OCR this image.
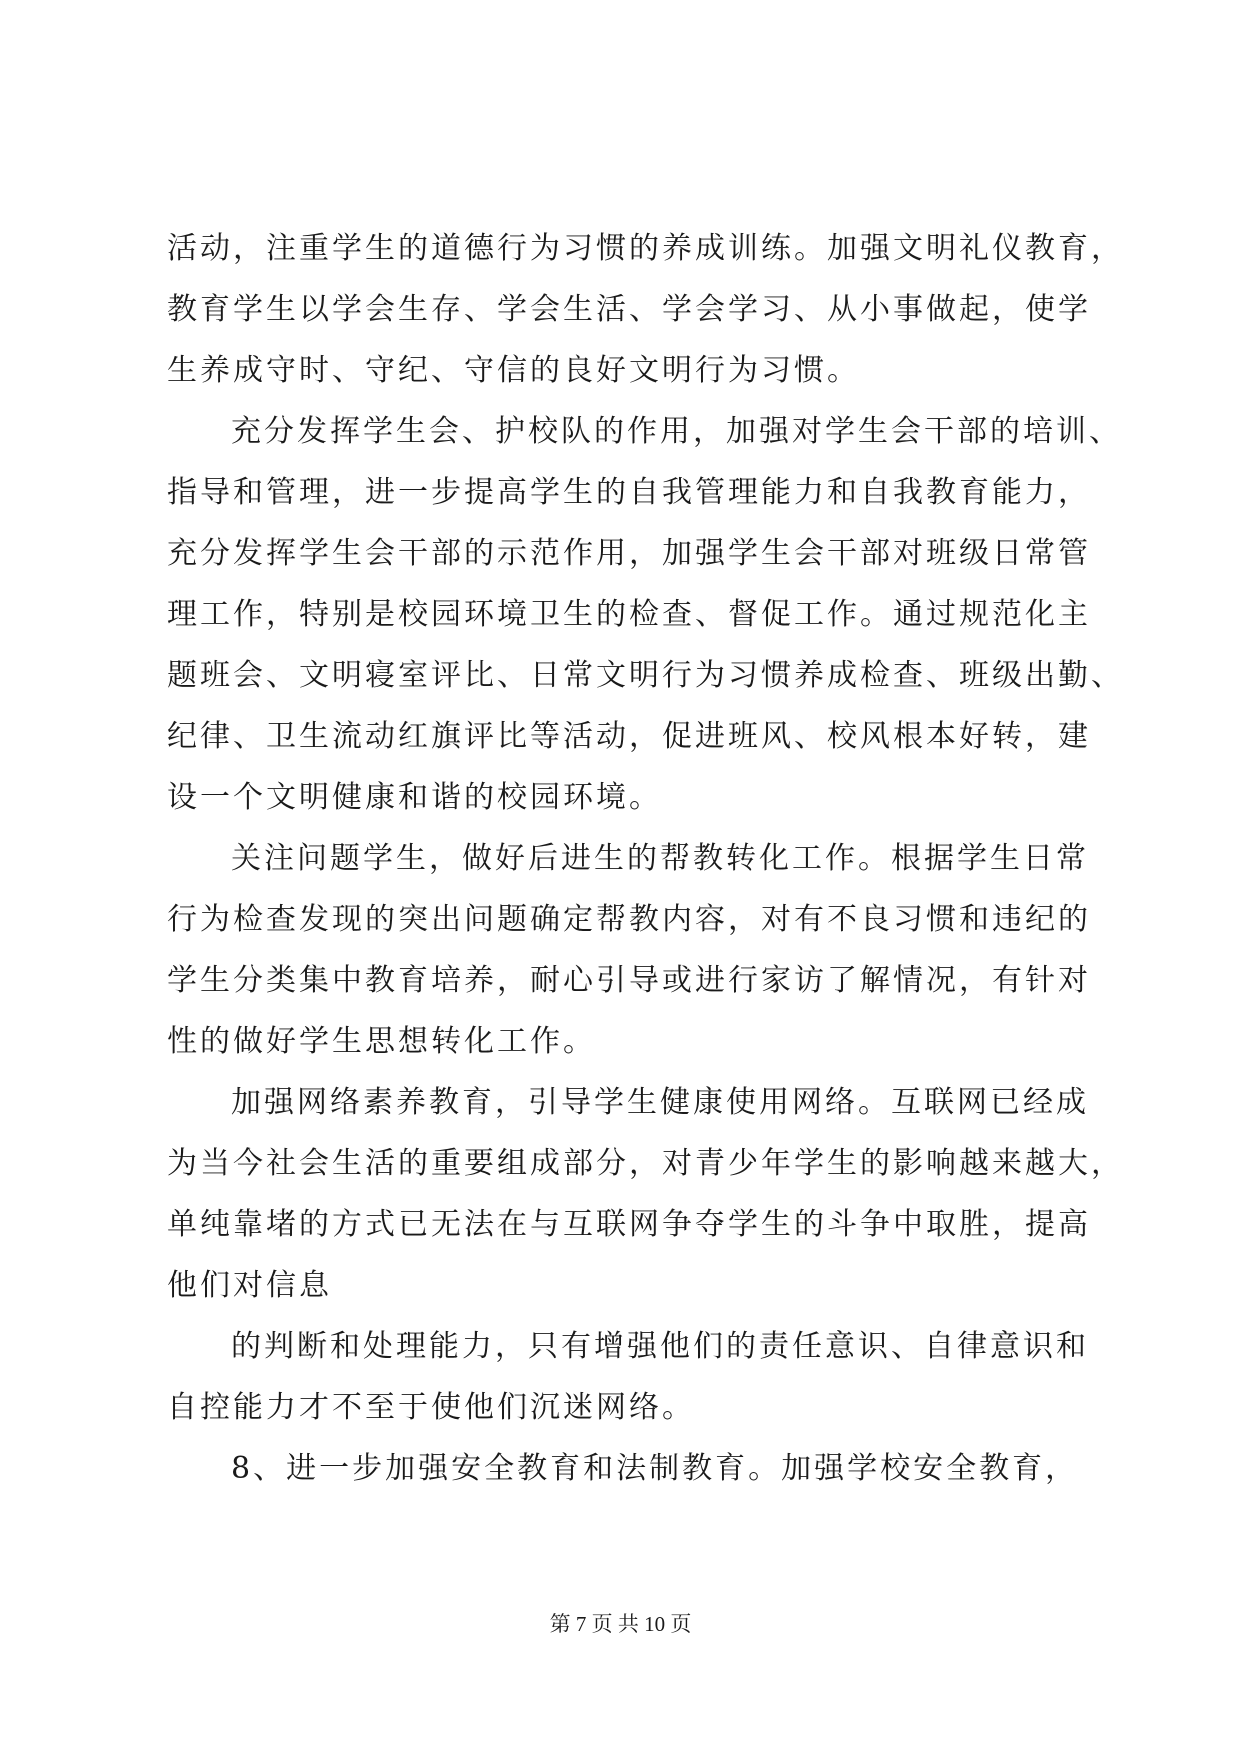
活动，注重学生的道德行为习惯的养成训练。加强文明礼仪教育，
教育学生以学会生存、学会生活、学会学习、从小事做起，使学
生养成守时、守纪、守信的良好文明行为习惯。
充分发挥学生会、护校队的作用，加强对学生会干部的培训、
指导和管理，进一步提高学生的自我管理能力和自我教育能力，
充分发挥学生会干部的示范作用，加强学生会干部对班级日常管
理工作，特别是校园环境卫生的检查、督促工作。通过规范化主
题班会、文明寝室评比、日常文明行为习惯养成检查、班级出勤、
纪律、卫生流动红旗评比等活动，促进班风、校风根本好转，建
设一个文明健康和谐的校园环境。
关注问题学生，做好后进生的帮教转化工作。根据学生日常
行为检查发现的突出问题确定帮教内容，对有不良习惯和违纪的
学生分类集中教育培养，耐心引导或进行家访了解情况，有针对
性的做好学生思想转化工作。
加强网络素养教育，引导学生健康使用网络。互联网已经成
为当今社会生活的重要组成部分，对青少年学生的影响越来越大，
单纯靠堵的方式已无法在与互联网争夺学生的斗争中取胜，提高
他们对信息
的判断和处理能力，只有增强他们的责任意识、自律意识和
自控能力才不至于使他们沉迷网络。
8、进一步加强安全教育和法制教育。加强学校安全教育，
第 7 页 共 10 页
